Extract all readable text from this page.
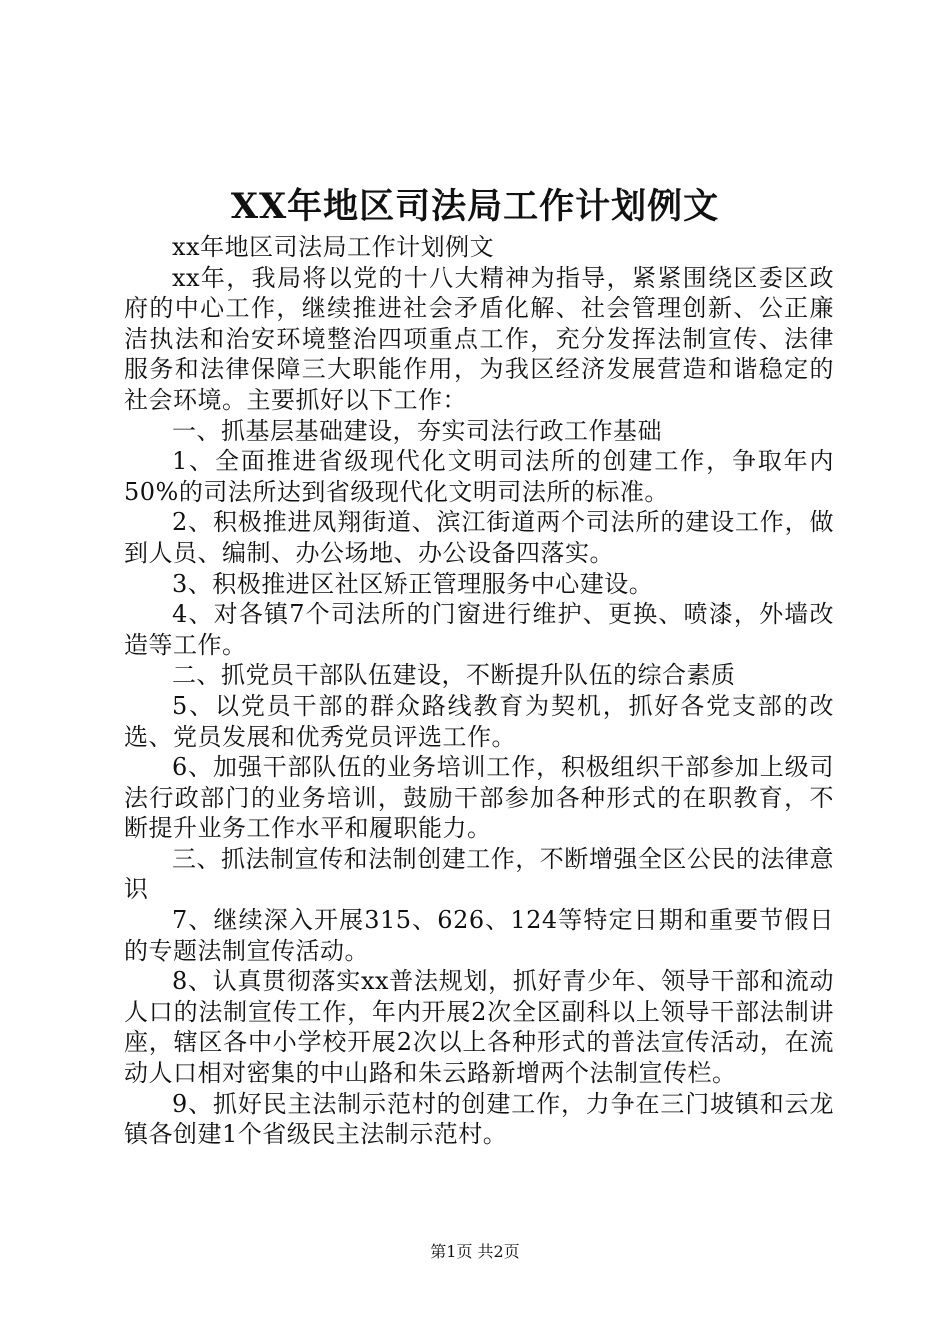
XX年地区司法局工作计划例文

xx年地区司法局工作计划例文

xx年，我局将以党的十八大精神为指导，紧紧围绕区委区政府的中心工作，继续推进社会矛盾化解、社会管理创新、公正廉洁执法和治安环境整治四项重点工作，充分发挥法制宣传、法律服务和法律保障三大职能作用，为我区经济发展营造和谐稳定的社会环境。主要抓好以下工作：

一、抓基层基础建设，夯实司法行政工作基础

1、全面推进省级现代化文明司法所的创建工作，争取年内50%的司法所达到省级现代化文明司法所的标准。

2、积极推进凤翔街道、滨江街道两个司法所的建设工作，做到人员、编制、办公场地、办公设备四落实。

3、积极推进区社区矫正管理服务中心建设。

4、对各镇7个司法所的门窗进行维护、更换、喷漆，外墙改造等工作。

二、抓党员干部队伍建设，不断提升队伍的综合素质

5、以党员干部的群众路线教育为契机，抓好各党支部的改选、党员发展和优秀党员评选工作。

6、加强干部队伍的业务培训工作，积极组织干部参加上级司法行政部门的业务培训，鼓励干部参加各种形式的在职教育，不断提升业务工作水平和履职能力。

三、抓法制宣传和法制创建工作，不断增强全区公民的法律意识

7、继续深入开展315、626、124等特定日期和重要节假日的专题法制宣传活动。

8、认真贯彻落实xx普法规划，抓好青少年、领导干部和流动人口的法制宣传工作，年内开展2次全区副科以上领导干部法制讲座，辖区各中小学校开展2次以上各种形式的普法宣传活动，在流动人口相对密集的中山路和朱云路新增两个法制宣传栏。

9、抓好民主法制示范村的创建工作，力争在三门坡镇和云龙镇各创建1个省级民主法制示范村。

第1页 共2页
